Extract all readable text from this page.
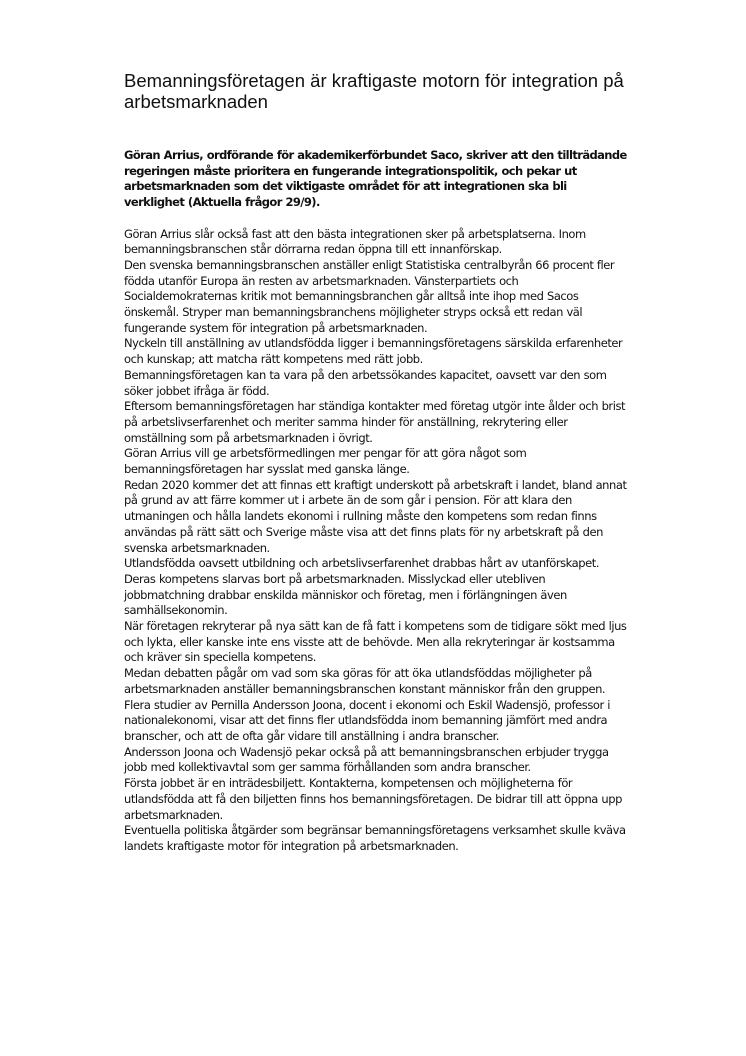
Bemanningsföretagen är kraftigaste motorn för integration på arbetsmarknaden

Göran Arrius, ordförande för akademikerförbundet Saco, skriver att den tillträdande regeringen måste prioritera en fungerande integrationspolitik, och pekar ut arbetsmarknaden som det viktigaste området för att integrationen ska bli verklighet (Aktuella frågor 29/9).

Göran Arrius slår också fast att den bästa integrationen sker på arbetsplatserna. Inom bemanningsbranschen står dörrarna redan öppna till ett innanförskap.

Den svenska bemanningsbranschen anställer enligt Statistiska centralbyrån 66 procent fler födda utanför Europa än resten av arbetsmarknaden. Vänsterpartiets och Socialdemokraternas kritik mot bemanningsbranchen går alltså inte ihop med Sacos önskemål. Stryper man bemanningsbranchens möjligheter stryps också ett redan väl fungerande system för integration på arbetsmarknaden.

Nyckeln till anställning av utlandsfödda ligger i bemanningsföretagens särskilda erfarenheter och kunskap; att matcha rätt kompetens med rätt jobb.

Bemanningsföretagen kan ta vara på den arbetssökandes kapacitet, oavsett var den som söker jobbet ifråga är född.

Eftersom bemanningsföretagen har ständiga kontakter med företag utgör inte ålder och brist på arbetslivserfarenhet och meriter samma hinder för anställning, rekrytering eller omställning som på arbetsmarknaden i övrigt.

Göran Arrius vill ge arbetsförmedlingen mer pengar för att göra något som bemanningsföretagen har sysslat med ganska länge.

Redan 2020 kommer det att finnas ett kraftigt underskott på arbetskraft i landet, bland annat på grund av att färre kommer ut i arbete än de som går i pension. För att klara den utmaningen och hålla landets ekonomi i rullning måste den kompetens som redan finns användas på rätt sätt och Sverige måste visa att det finns plats för ny arbetskraft på den svenska arbetsmarknaden.

Utlandsfödda oavsett utbildning och arbetslivserfarenhet drabbas hårt av utanförskapet. Deras kompetens slarvas bort på arbetsmarknaden. Misslyckad eller utebliven jobbmatchning drabbar enskilda människor och företag, men i förlängningen även samhällsekonomin.

När företagen rekryterar på nya sätt kan de få fatt i kompetens som de tidigare sökt med ljus och lykta, eller kanske inte ens visste att de behövde. Men alla rekryteringar är kostsamma och kräver sin speciella kompetens.

Medan debatten pågår om vad som ska göras för att öka utlandsföddas möjligheter på arbetsmarknaden anställer bemanningsbranschen konstant människor från den gruppen.

Flera studier av Pernilla Andersson Joona, docent i ekonomi och Eskil Wadensjö, professor i nationalekonomi, visar att det finns fler utlandsfödda inom bemanning jämfört med andra branscher, och att de ofta går vidare till anställning i andra branscher.

Andersson Joona och Wadensjö pekar också på att bemanningsbranschen erbjuder trygga jobb med kollektivavtal som ger samma förhållanden som andra branscher.

Första jobbet är en inträdesbiljett. Kontakterna, kompetensen och möjligheterna för utlandsfödda att få den biljetten finns hos bemanningsföretagen. De bidrar till att öppna upp arbetsmarknaden.

Eventuella politiska åtgärder som begränsar bemanningsföretagens verksamhet skulle kväva landets kraftigaste motor för integration på arbetsmarknaden.
